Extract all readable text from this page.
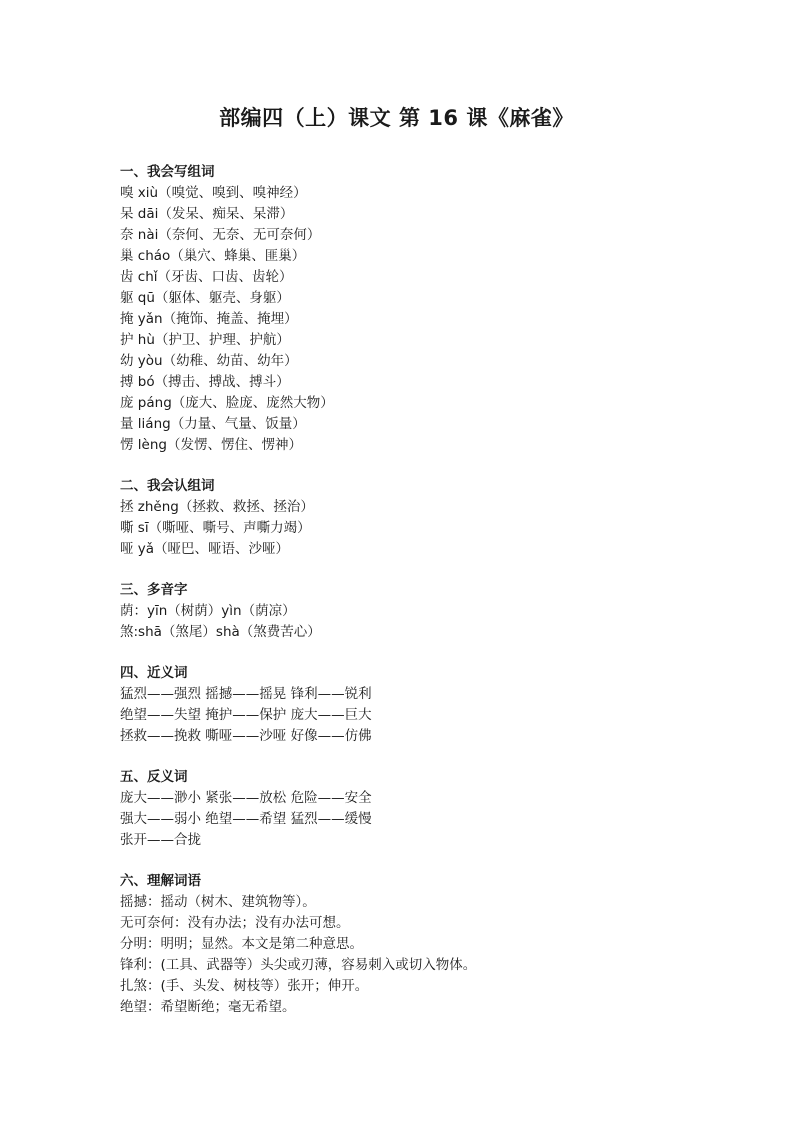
部编四（上）课文 第 16 课《麻雀》
一、我会写组词
嗅 xiù（嗅觉、嗅到、嗅神经）
呆 dāi（发呆、痴呆、呆滞）
奈 nài（奈何、无奈、无可奈何）
巢 cháo（巢穴、蜂巢、匪巢）
齿 chǐ（牙齿、口齿、齿轮）
躯 qū（躯体、躯壳、身躯）
掩 yǎn（掩饰、掩盖、掩埋）
护 hù（护卫、护理、护航）
幼 yòu（幼稚、幼苗、幼年）
搏 bó（搏击、搏战、搏斗）
庞 páng（庞大、脸庞、庞然大物）
量 liáng（力量、气量、饭量）
愣 lèng（发愣、愣住、愣神）
二、我会认组词
拯 zhěng（拯救、救拯、拯治）
嘶 sī（嘶哑、嘶号、声嘶力竭）
哑 yǎ（哑巴、哑语、沙哑）
三、多音字
荫：yīn（树荫）yìn（荫凉）
煞:shā（煞尾）shà（煞费苦心）
四、近义词
猛烈——强烈 摇撼——摇晃 锋利——锐利
绝望——失望 掩护——保护 庞大——巨大
拯救——挽救 嘶哑——沙哑 好像——仿佛
五、反义词
庞大——渺小 紧张——放松 危险——安全
强大——弱小 绝望——希望 猛烈——缓慢
张开——合拢
六、理解词语
摇撼：摇动（树木、建筑物等）。
无可奈何：没有办法；没有办法可想。
分明：明明；显然。本文是第二种意思。
锋利：(工具、武器等）头尖或刃薄，容易刺入或切入物体。
扎煞：(手、头发、树枝等）张开；伸开。
绝望：希望断绝；毫无希望。
